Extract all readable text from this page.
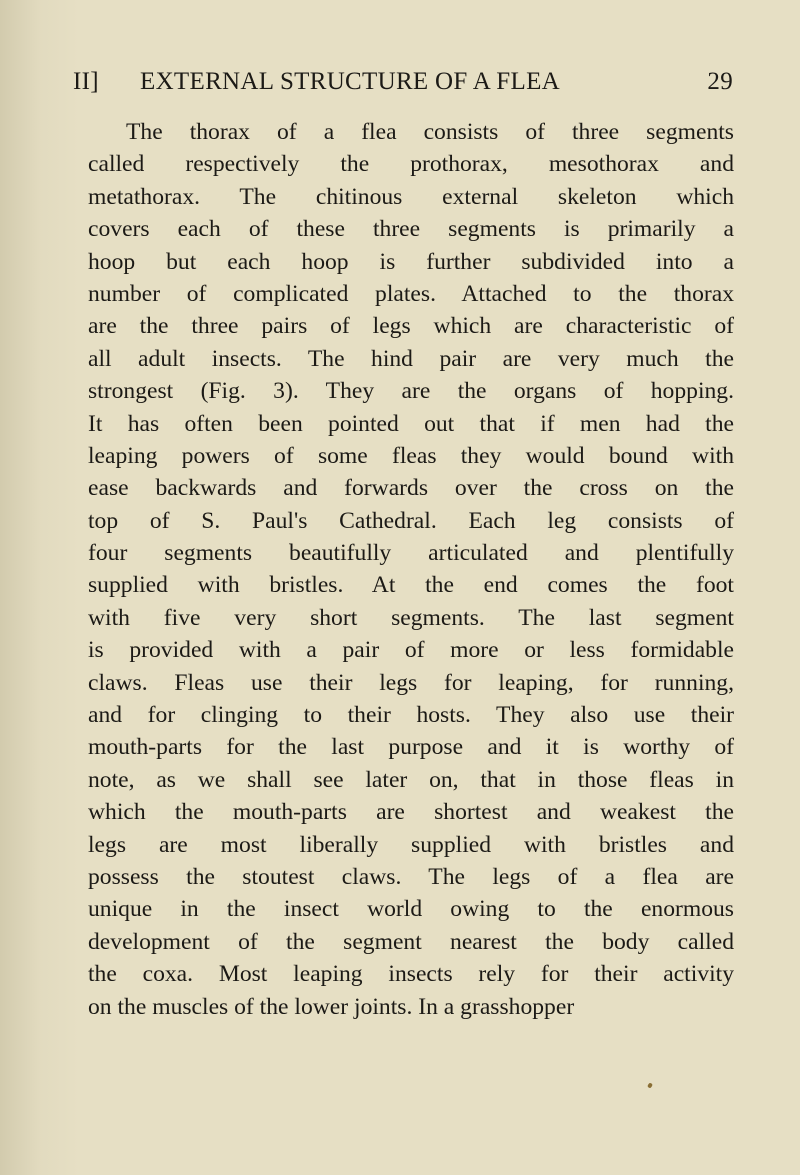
II] EXTERNAL STRUCTURE OF A FLEA	29
The thorax of a flea consists of three segments
called respectively the prothorax, mesothorax and
metathorax. The chitinous external skeleton which
covers each of these three segments is primarily a
hoop but each hoop is further subdivided into a
number of complicated plates. Attached to the thorax
are the three pairs of legs which are characteristic of
all adult insects. The hind pair are very much the
strongest (Fig. 3). They are the organs of hopping.
It has often been pointed out that if men had the
leaping powers of some fleas they would bound with
ease backwards and forwards over the cross on the
top of S. Paul's Cathedral. Each leg consists of
four segments beautifully articulated and plentifully
supplied with bristles. At the end comes the foot
with five very short segments. The last segment
is provided with a pair of more or less formidable
claws. Fleas use their legs for leaping, for running,
and for clinging to their hosts. They also use their
mouth-parts for the last purpose and it is worthy of
note, as we shall see later on, that in those fleas in
which the mouth-parts are shortest and weakest the
legs are most liberally supplied with bristles and
possess the stoutest claws. The legs of a flea are
unique in the insect world owing to the enormous
development of the segment nearest the body called
the coxa. Most leaping insects rely for their activity
on the muscles of the lower joints. In a grasshopper
